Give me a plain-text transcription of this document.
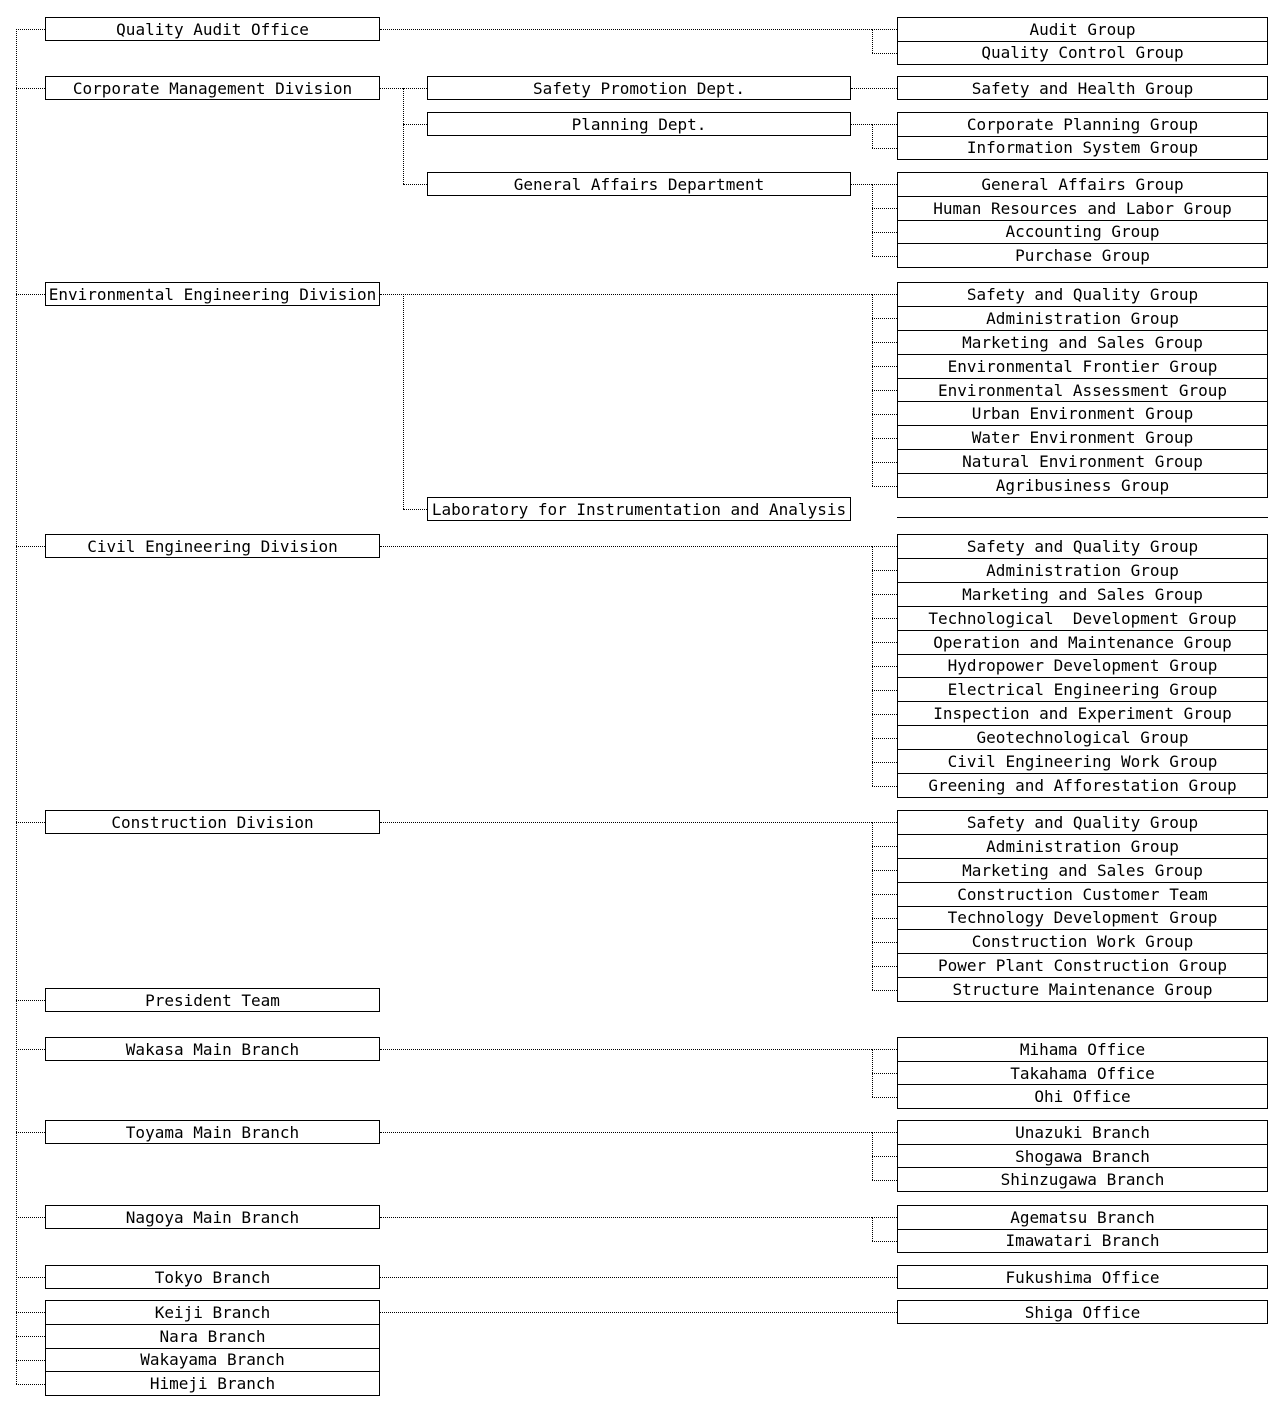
Quality Audit Office	Audit Group
Quality Control Group
Corporate Management Division	Safety Promotion Dept.	Safety and Health Group
Planning Dept.	Corporate Planning Group
Information System Group
General Affairs Department	General Affairs Group
Human Resources and Labor Group
Accounting Group
Purchase Group
Environmental Engineering Division	Safety and Quality Group
Administration Group
Marketing and Sales Group
Environmental Frontier Group
Environmental Assessment Group
Urban Environment Group
Water Environment Group
Natural Environment Group
Agribusiness Group
Laboratory for Instrumentation and Analysis
Civil Engineering Division	Safety and Quality Group
Administration Group
Marketing and Sales Group
Technological  Development Group
Operation and Maintenance Group
Hydropower Development Group
Electrical Engineering Group
Inspection and Experiment Group
Geotechnological Group
Civil Engineering Work Group
Greening and Afforestation Group
Construction Division	Safety and Quality Group
Administration Group
Marketing and Sales Group
Construction Customer Team
Technology Development Group
Construction Work Group
Power Plant Construction Group
Structure Maintenance Group
President Team
Wakasa Main Branch	Mihama Office
Takahama Office
Ohi Office
Toyama Main Branch	Unazuki Branch
Shogawa Branch
Shinzugawa Branch
Nagoya Main Branch	Agematsu Branch
Imawatari Branch
Tokyo Branch	Fukushima Office
Keiji Branch
Nara Branch
Wakayama Branch
Himeji Branch
Shiga Office
